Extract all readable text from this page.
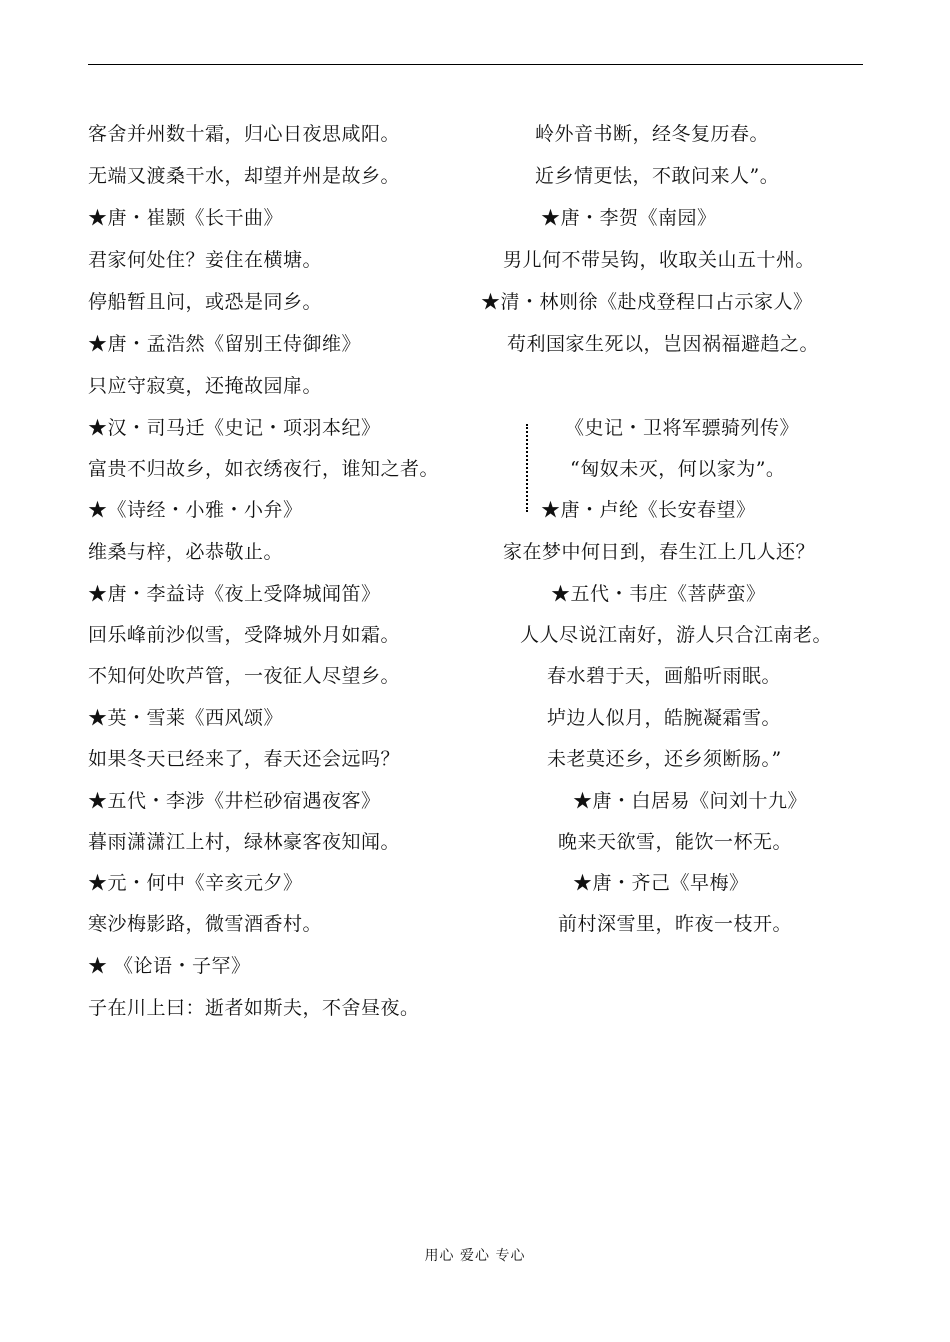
客舍并州数十霜，归心日夜思咸阳。
无端又渡桑干水，却望并州是故乡。
★唐・崔颢《长干曲》
君家何处住？妾住在横塘。
停船暂且问，或恐是同乡。
★唐・孟浩然《留别王侍御维》
只应守寂寞，还掩故园扉。
★汉・司马迁《史记・项羽本纪》
富贵不归故乡，如衣绣夜行，谁知之者。
★《诗经・小雅・小弁》
维桑与梓，必恭敬止。
★唐・李益诗《夜上受降城闻笛》
回乐峰前沙似雪，受降城外月如霜。
不知何处吹芦管，一夜征人尽望乡。
★英・雪莱《西风颂》
如果冬天已经来了，春天还会远吗？
★五代・李涉《井栏砂宿遇夜客》
暮雨潇潇江上村，绿林豪客夜知闻。
★元・何中《辛亥元夕》
寒沙梅影路，微雪酒香村。
★ 《论语・子罕》
子在川上曰：逝者如斯夫，不舍昼夜。
岭外音书断，经冬复历春。
近乡情更怯，不敢问来人”。
★唐・李贺《南园》
男儿何不带吴钩，收取关山五十州。
★清・林则徐《赴戍登程口占示家人》
苟利国家生死以，岂因祸福避趋之。
《史记・卫将军骠骑列传》
“匈奴未灭，何以家为”。
★唐・卢纶《长安春望》
家在梦中何日到，春生江上几人还？
★五代・韦庄《菩萨蛮》
人人尽说江南好，游人只合江南老。
春水碧于天，画船听雨眠。
垆边人似月，皓腕凝霜雪。
未老莫还乡，还乡须断肠。”
★唐・白居易《问刘十九》
晚来天欲雪，能饮一杯无。
★唐・齐己《早梅》
前村深雪里，昨夜一枝开。
用心 爱心 专心
